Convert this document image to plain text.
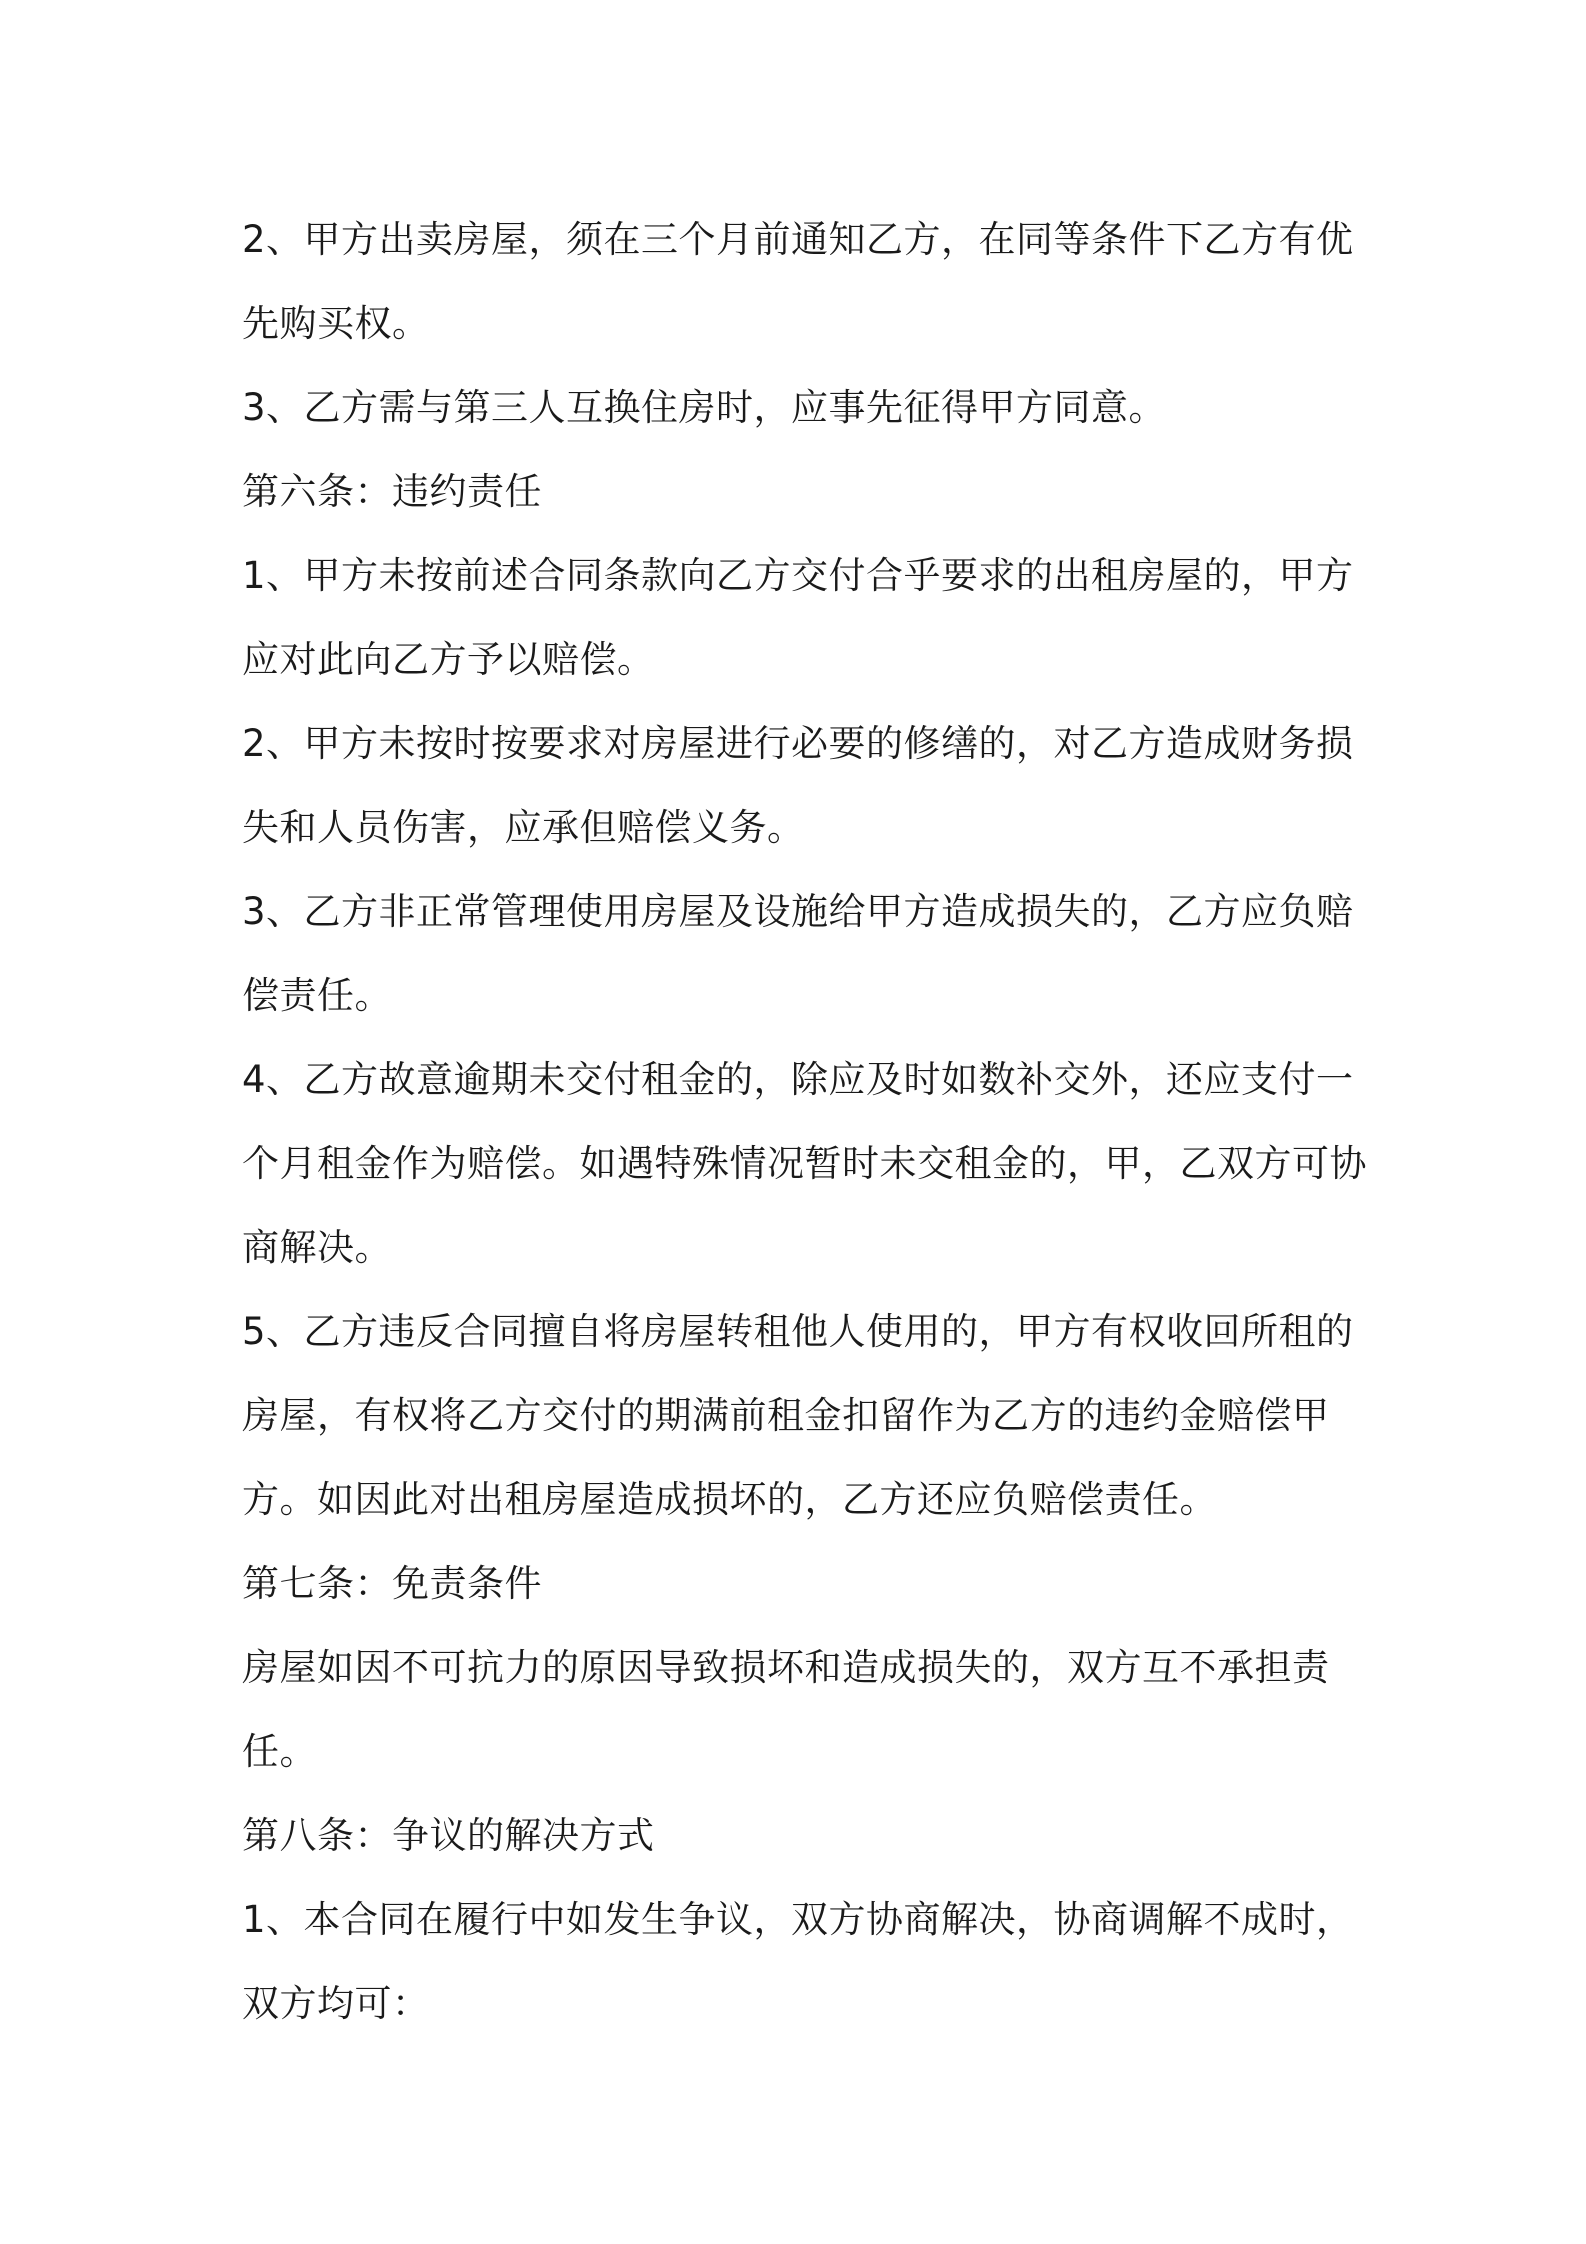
2、甲方出卖房屋，须在三个月前通知乙方，在同等条件下乙方有优
先购买权。
3、乙方需与第三人互换住房时，应事先征得甲方同意。
第六条：违约责任
1、甲方未按前述合同条款向乙方交付合乎要求的出租房屋的，甲方
应对此向乙方予以赔偿。
2、甲方未按时按要求对房屋进行必要的修缮的，对乙方造成财务损
失和人员伤害，应承但赔偿义务。
3、乙方非正常管理使用房屋及设施给甲方造成损失的，乙方应负赔
偿责任。
4、乙方故意逾期未交付租金的，除应及时如数补交外，还应支付一
个月租金作为赔偿。如遇特殊情况暂时未交租金的，甲，乙双方可协
商解决。
5、乙方违反合同擅自将房屋转租他人使用的，甲方有权收回所租的
房屋，有权将乙方交付的期满前租金扣留作为乙方的违约金赔偿甲
方。如因此对出租房屋造成损坏的，乙方还应负赔偿责任。
第七条：免责条件
房屋如因不可抗力的原因导致损坏和造成损失的，双方互不承担责
任。
第八条：争议的解决方式
1、本合同在履行中如发生争议，双方协商解决，协商调解不成时，
双方均可：
